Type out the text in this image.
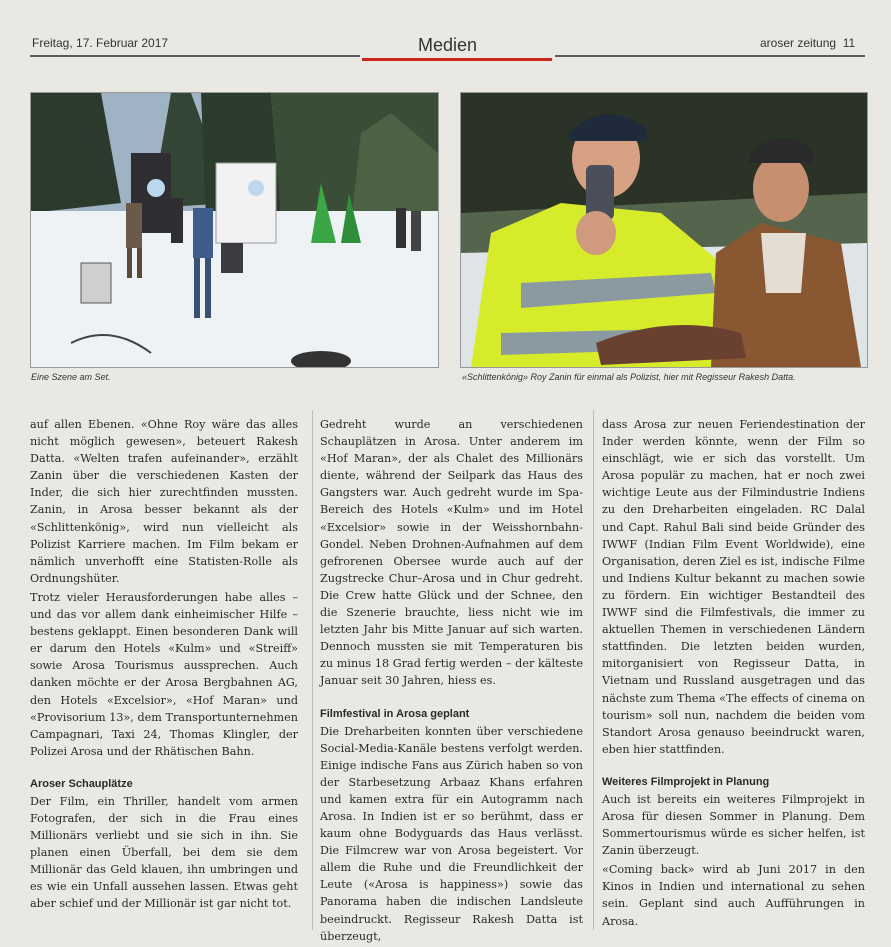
Freitag, 17. Februar 2017	Medien	aroser zeitung 11
Eine Szene am Set.	«Schlittenkönig» Roy Zanin für einmal als Polizist, hier mit Regisseur Rakesh Datta.

auf allen Ebenen. «Ohne Roy wäre das alles nicht möglich gewesen», beteuert Rakesh Datta. «Welten trafen aufeinander», erzählt Zanin über die verschiedenen Kasten der Inder, die sich hier zurechtfinden mussten. Zanin, in Arosa besser bekannt als der «Schlittenkönig», wird nun vielleicht als Polizist Karriere machen. Im Film bekam er nämlich unverhofft eine Statisten-Rolle als Ordnungshüter.

Trotz vieler Herausforderungen habe alles – und das vor allem dank einheimischer Hilfe – bestens geklappt. Einen besonderen Dank will er darum den Hotels «Kulm» und «Streiff» sowie Arosa Tourismus aussprechen. Auch danken möchte er der Arosa Bergbahnen AG, den Hotels «Excelsior», «Hof Maran» und «Provisorium 13», dem Transportunternehmen Campagnari, Taxi 24, Thomas Klingler, der Polizei Arosa und der Rhätischen Bahn.

Aroser Schauplätze

Der Film, ein Thriller, handelt vom armen Fotografen, der sich in die Frau eines Millionärs verliebt und sie sich in ihn. Sie planen einen Überfall, bei dem sie dem Millionär das Geld klauen, ihn umbringen und es wie ein Unfall aussehen lassen. Etwas geht aber schief und der Millionär ist gar nicht tot.

Gedreht wurde an verschiedenen Schauplätzen in Arosa. Unter anderem im «Hof Maran», der als Chalet des Millionärs diente, während der Seilpark das Haus des Gangsters war. Auch gedreht wurde im Spa-Bereich des Hotels «Kulm» und im Hotel «Excelsior» sowie in der Weisshornbahn-Gondel. Neben Drohnen-Aufnahmen auf dem gefrorenen Obersee wurde auch auf der Zugstrecke Chur–Arosa und in Chur gedreht. Die Crew hatte Glück und der Schnee, den die Szenerie brauchte, liess nicht wie im letzten Jahr bis Mitte Januar auf sich warten. Dennoch mussten sie mit Temperaturen bis zu minus 18 Grad fertig werden – der kälteste Januar seit 30 Jahren, hiess es.

Filmfestival in Arosa geplant

Die Dreharbeiten konnten über verschiedene Social-Media-Kanäle bestens verfolgt werden. Einige indische Fans aus Zürich haben so von der Starbesetzung Arbaaz Khans erfahren und kamen extra für ein Autogramm nach Arosa. In Indien ist er so berühmt, dass er kaum ohne Bodyguards das Haus verlässt. Die Filmcrew war von Arosa begeistert. Vor allem die Ruhe und die Freundlichkeit der Leute («Arosa is happiness») sowie das Panorama haben die indischen Landsleute beeindruckt. Regisseur Rakesh Datta ist überzeugt,

dass Arosa zur neuen Feriendestination der Inder werden könnte, wenn der Film so einschlägt, wie er sich das vorstellt. Um Arosa populär zu machen, hat er noch zwei wichtige Leute aus der Filmindustrie Indiens zu den Dreharbeiten eingeladen. RC Dalal und Capt. Rahul Bali sind beide Gründer des IWWF (Indian Film Event Worldwide), eine Organisation, deren Ziel es ist, indische Filme und Indiens Kultur bekannt zu machen sowie zu fördern. Ein wichtiger Bestandteil des IWWF sind die Filmfestivals, die immer zu aktuellen Themen in verschiedenen Ländern stattfinden. Die letzten beiden wurden, mitorganisiert von Regisseur Datta, in Vietnam und Russland ausgetragen und das nächste zum Thema «The effects of cinema on tourism» soll nun, nachdem die beiden vom Standort Arosa genauso beeindruckt waren, eben hier stattfinden.

Weiteres Filmprojekt in Planung

Auch ist bereits ein weiteres Filmprojekt in Arosa für diesen Sommer in Planung. Dem Sommertourismus würde es sicher helfen, ist Zanin überzeugt.

«Coming back» wird ab Juni 2017 in den Kinos in Indien und international zu sehen sein. Geplant sind auch Aufführungen in Arosa.
